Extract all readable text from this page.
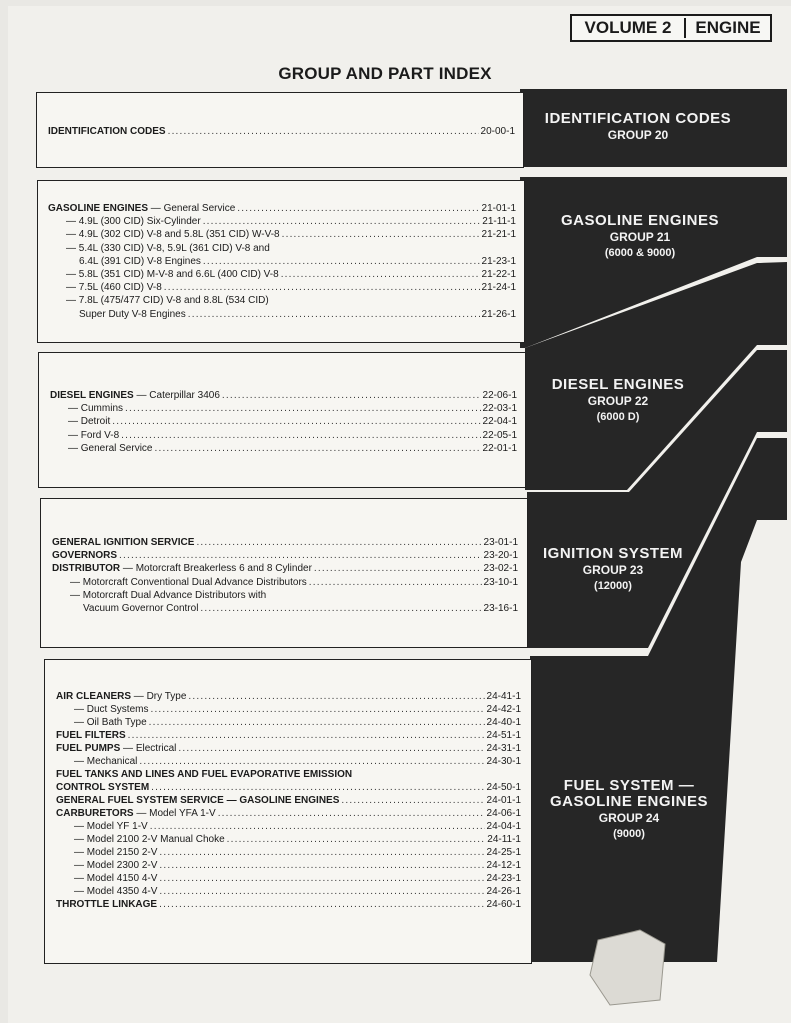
VOLUME 2	ENGINE
GROUP AND PART INDEX
IDENTIFICATION CODES
GROUP 20
GASOLINE ENGINES
GROUP 21
(6000 & 9000)
DIESEL ENGINES
GROUP 22
(6000 D)
IGNITION SYSTEM
GROUP 23
(12000)
FUEL SYSTEM —
GASOLINE ENGINES
GROUP 24
(9000)
IDENTIFICATION CODES .....	20-00-1
GASOLINE ENGINES — General Service .....	21-01-1
— 4.9L (300 CID) Six-Cylinder .....	21-11-1
— 4.9L (302 CID) V-8 and 5.8L (351 CID) W-V-8 .....	21-21-1
— 5.4L (330 CID) V-8, 5.9L (361 CID) V-8 and
6.4L (391 CID) V-8 Engines .....	21-23-1
— 5.8L (351 CID) M-V-8 and 6.6L (400 CID) V-8 .....	21-22-1
— 7.5L (460 CID) V-8 .....	21-24-1
— 7.8L (475/477 CID) V-8 and 8.8L (534 CID)
Super Duty V-8 Engines .....	21-26-1
DIESEL ENGINES — Caterpillar 3406 .....	22-06-1
— Cummins .....	22-03-1
— Detroit .....	22-04-1
— Ford V-8 .....	22-05-1
— General Service .....	22-01-1
GENERAL IGNITION SERVICE .....	23-01-1
GOVERNORS .....	23-20-1
DISTRIBUTOR — Motorcraft Breakerless 6 and 8 Cylinder .....	23-02-1
— Motorcraft Conventional Dual Advance Distributors .....	23-10-1
— Motorcraft Dual Advance Distributors with
Vacuum Governor Control .....	23-16-1
AIR CLEANERS — Dry Type .....	24-41-1
— Duct Systems .....	24-42-1
— Oil Bath Type .....	24-40-1
FUEL FILTERS .....	24-51-1
FUEL PUMPS — Electrical .....	24-31-1
— Mechanical .....	24-30-1
FUEL TANKS AND LINES AND FUEL EVAPORATIVE EMISSION
CONTROL SYSTEM .....	24-50-1
GENERAL FUEL SYSTEM SERVICE — GASOLINE ENGINES .....	24-01-1
CARBURETORS — Model YFA 1-V .....	24-06-1
— Model YF 1-V .....	24-04-1
— Model 2100 2-V Manual Choke .....	24-11-1
— Model 2150 2-V .....	24-25-1
— Model 2300 2-V .....	24-12-1
— Model 4150 4-V .....	24-23-1
— Model 4350 4-V .....	24-26-1
THROTTLE LINKAGE .....	24-60-1
